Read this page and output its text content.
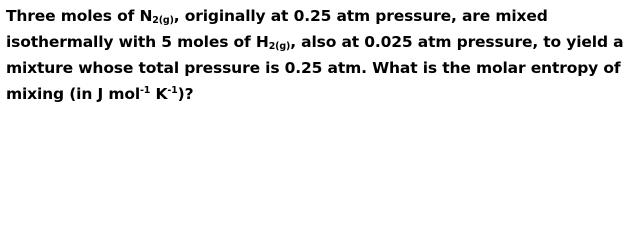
Three moles of $N_{2(g)}$, originally at 0.25 atm pressure, are mixed
isothermally with 5 moles of $H_{2(g)}$, also at 0.025 atm pressure, to yield a
mixture whose total pressure is 0.25 atm. What is the molar entropy of
mixing (in J mol$^{-1}$ $K^{-1}$)?
